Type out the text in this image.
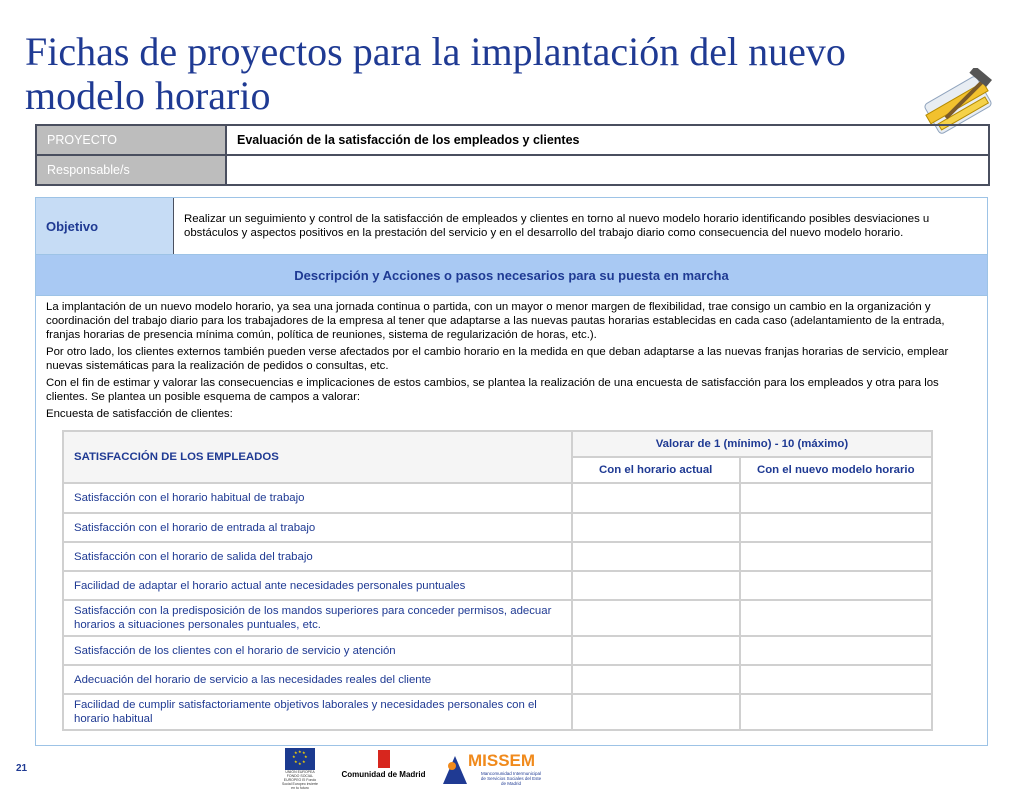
Fichas de proyectos para la implantación del nuevo modelo horario
PROYECTO	Evaluación de la satisfacción de los empleados y clientes
Responsable/s	
Objetivo	Realizar un seguimiento y control de la satisfacción de empleados y clientes en torno al nuevo modelo horario identificando posibles desviaciones u obstáculos y aspectos positivos en la prestación del servicio y en el desarrollo del trabajo diario como consecuencia del nuevo modelo horario.
Descripción y Acciones o pasos necesarios para su puesta en marcha

La implantación de un nuevo modelo horario, ya sea una jornada continua o partida, con un mayor o menor margen de flexibilidad, trae consigo un cambio en la organización y coordinación del trabajo diario para los trabajadores de la empresa al tener que adaptarse a las nuevas pautas horarias establecidas en cada caso (adelantamiento de la entrada, franjas horarias de presencia mínima común, política de reuniones, sistema de regularización de horas, etc.).

Por otro lado, los clientes externos también pueden verse afectados por el cambio horario en la medida en que deban adaptarse a las nuevas franjas horarias de servicio, emplear nuevas sistemáticas para la realización de pedidos o consultas, etc.

Con el fin de estimar y valorar las consecuencias e implicaciones de estos cambios, se plantea la realización de una encuesta de satisfacción para los empleados y otra para los clientes. Se plantea un posible esquema de campos a valorar:

Encuesta de satisfacción de clientes:

SATISFACCIÓN DE LOS EMPLEADOS	Valorar de 1 (mínimo) - 10 (máximo)	
	Con el horario actual	Con el nuevo modelo horario
Satisfacción con el horario habitual de trabajo		
Satisfacción con el horario de entrada al trabajo		
Satisfacción con el horario de salida del trabajo		
Facilidad de adaptar el horario actual ante necesidades personales puntuales		
Satisfacción con la predisposición de los mandos superiores para conceder permisos, adecuar horarios a situaciones personales puntuales, etc.		
Satisfacción de los clientes con el horario de servicio y atención		
Adecuación del horario de servicio a las necesidades reales del cliente		
Facilidad de cumplir satisfactoriamente objetivos laborales y necesidades personales con el horario habitual		
21
★ ★
★
★
★
★
★
★
UNIÓN EUROPEA FONDO SOCIAL EUROPEO El Fondo Social Europeo invierte en tu futuro
Comunidad de Madrid
MISSEM
Mancomunidad Intermunicipal de Servicios Sociales del Este de Madrid
